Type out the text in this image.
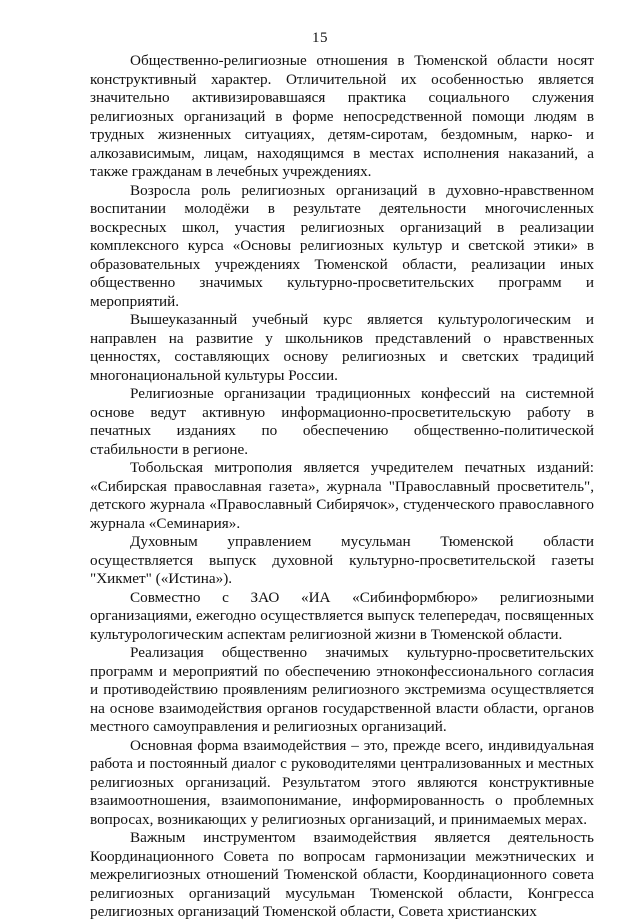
15

Общественно-религиозные отношения в Тюменской области носят конструктивный характер. Отличительной их особенностью является значительно активизировавшаяся практика социального служения религиозных организаций в форме непосредственной помощи людям в трудных жизненных ситуациях, детям-сиротам, бездомным, нарко- и алкозависимым, лицам, находящимся в местах исполнения наказаний, а также гражданам в лечебных учреждениях.

Возросла роль религиозных организаций в духовно-нравственном воспитании молодёжи в результате деятельности многочисленных воскресных школ, участия религиозных организаций в реализации комплексного курса «Основы религиозных культур и светской этики» в образовательных учреждениях Тюменской области, реализации иных общественно значимых культурно-просветительских программ и мероприятий.

Вышеуказанный учебный курс является культурологическим и направлен на развитие у школьников представлений о нравственных ценностях, составляющих основу религиозных и светских традиций многонациональной культуры России.

Религиозные организации традиционных конфессий на системной основе ведут активную информационно-просветительскую работу в печатных изданиях по обеспечению общественно-политической стабильности в регионе.

Тобольская митрополия является учредителем печатных изданий: «Сибирская православная газета», журнала "Православный просветитель", детского журнала «Православный Сибирячок», студенческого православного журнала «Семинария».

Духовным управлением мусульман Тюменской области осуществляется выпуск духовной культурно-просветительской газеты "Хикмет" («Истина»).

Совместно с ЗАО «ИА «Сибинформбюро» религиозными организациями, ежегодно осуществляется выпуск телепередач, посвященных культурологическим аспектам религиозной жизни в Тюменской области.

Реализация общественно значимых культурно-просветительских программ и мероприятий по обеспечению этноконфессионального согласия и противодействию проявлениям религиозного экстремизма осуществляется на основе взаимодействия органов государственной власти области, органов местного самоуправления и религиозных организаций.

Основная форма взаимодействия – это, прежде всего, индивидуальная работа и постоянный диалог с руководителями централизованных и местных религиозных организаций. Результатом этого являются конструктивные взаимоотношения, взаимопонимание, информированность о проблемных вопросах, возникающих у религиозных организаций, и принимаемых мерах.

Важным инструментом взаимодействия является деятельность Координационного Совета по вопросам гармонизации межэтнических и межрелигиозных отношений Тюменской области, Координационного совета религиозных организаций мусульман Тюменской области, Конгресса религиозных организаций Тюменской области, Совета христианских
